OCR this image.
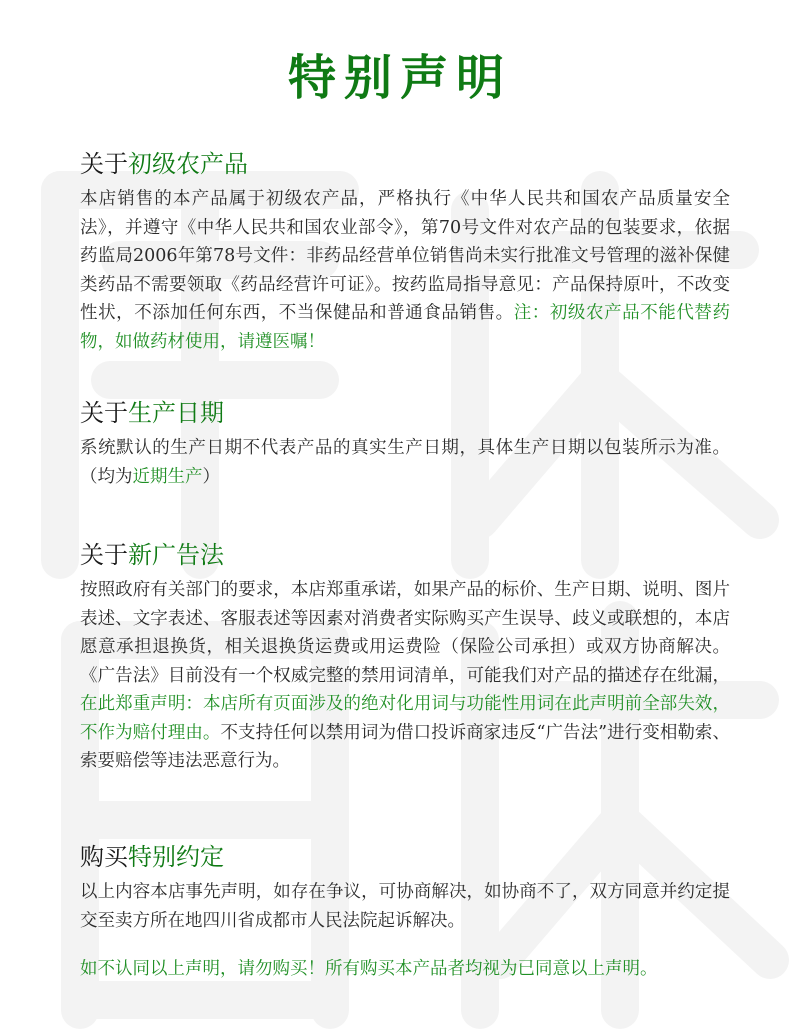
特别声明
关于初级农产品

本店销售的本产品属于初级农产品，严格执行《中华人民共和国农产品质量安全法》，并遵守《中华人民共和国农业部令》，第70号文件对农产品的包装要求，依据药监局2006年第78号文件：非药品经营单位销售尚未实行批准文号管理的滋补保健类药品不需要领取《药品经营许可证》。按药监局指导意见：产品保持原叶，不改变性状，不添加任何东西，不当保健品和普通食品销售。注：初级农产品不能代替药物，如做药材使用，请遵医嘱！

关于生产日期

系统默认的生产日期不代表产品的真实生产日期，具体生产日期以包装所示为准。（均为近期生产）

关于新广告法

按照政府有关部门的要求，本店郑重承诺，如果产品的标价、生产日期、说明、图片表述、文字表述、客服表述等因素对消费者实际购买产生误导、歧义或联想的，本店愿意承担退换货，相关退换货运费或用运费险（保险公司承担）或双方协商解决。《广告法》目前没有一个权威完整的禁用词清单，可能我们对产品的描述存在纰漏，在此郑重声明：本店所有页面涉及的绝对化用词与功能性用词在此声明前全部失效，不作为赔付理由。不支持任何以禁用词为借口投诉商家违反“广告法”进行变相勒索、索要赔偿等违法恶意行为。

购买特别约定

以上内容本店事先声明，如存在争议，可协商解决，如协商不了，双方同意并约定提交至卖方所在地四川省成都市人民法院起诉解决。

如不认同以上声明，请勿购买！所有购买本产品者均视为已同意以上声明。
